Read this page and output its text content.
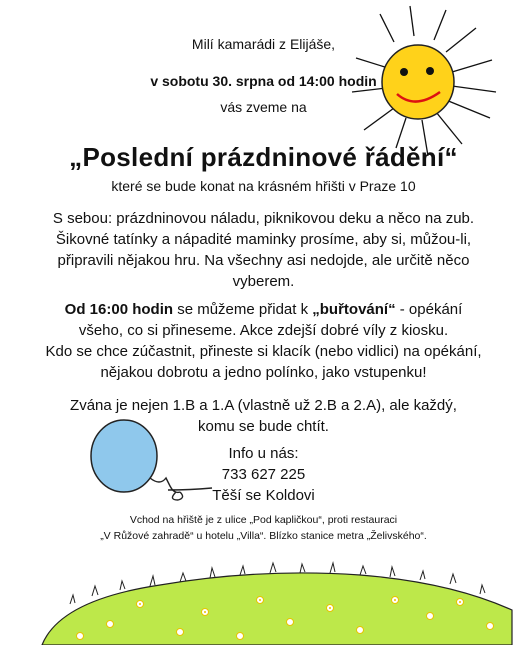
Milí kamarádi z Elijáše,
v sobotu 30. srpna od 14:00 hodin
vás zveme na
„Poslední prázdninové řádění“
které se bude konat na krásném hřišti v Praze 10
S sebou: prázdninovou náladu, piknikovou deku a něco na zub.
Šikovné tatínky a nápadité maminky prosíme, aby si, můžou-li,
připravili nějakou hru. Na všechny asi nedojde, ale určitě něco
vyberem.
Od 16:00 hodin se můžeme přidat k „buřtování“ - opékání
všeho, co si přineseme. Akce zdejší dobré víly z kiosku.
Kdo se chce zúčastnit, přineste si klacík (nebo vidlici) na opékání,
nějakou dobrotu a jedno polínko, jako vstupenku!
Zvána je nejen 1.B a 1.A (vlastně už 2.B a 2.A), ale každý,
komu se bude chtít.
Info u nás:
733 627 225
Těší se Koldovi
Vchod na hřiště je z ulice „Pod kapličkou“, proti restauraci
„V Růžové zahradě“ u hotelu „Villa“. Blízko stanice metra „Želivského“.
